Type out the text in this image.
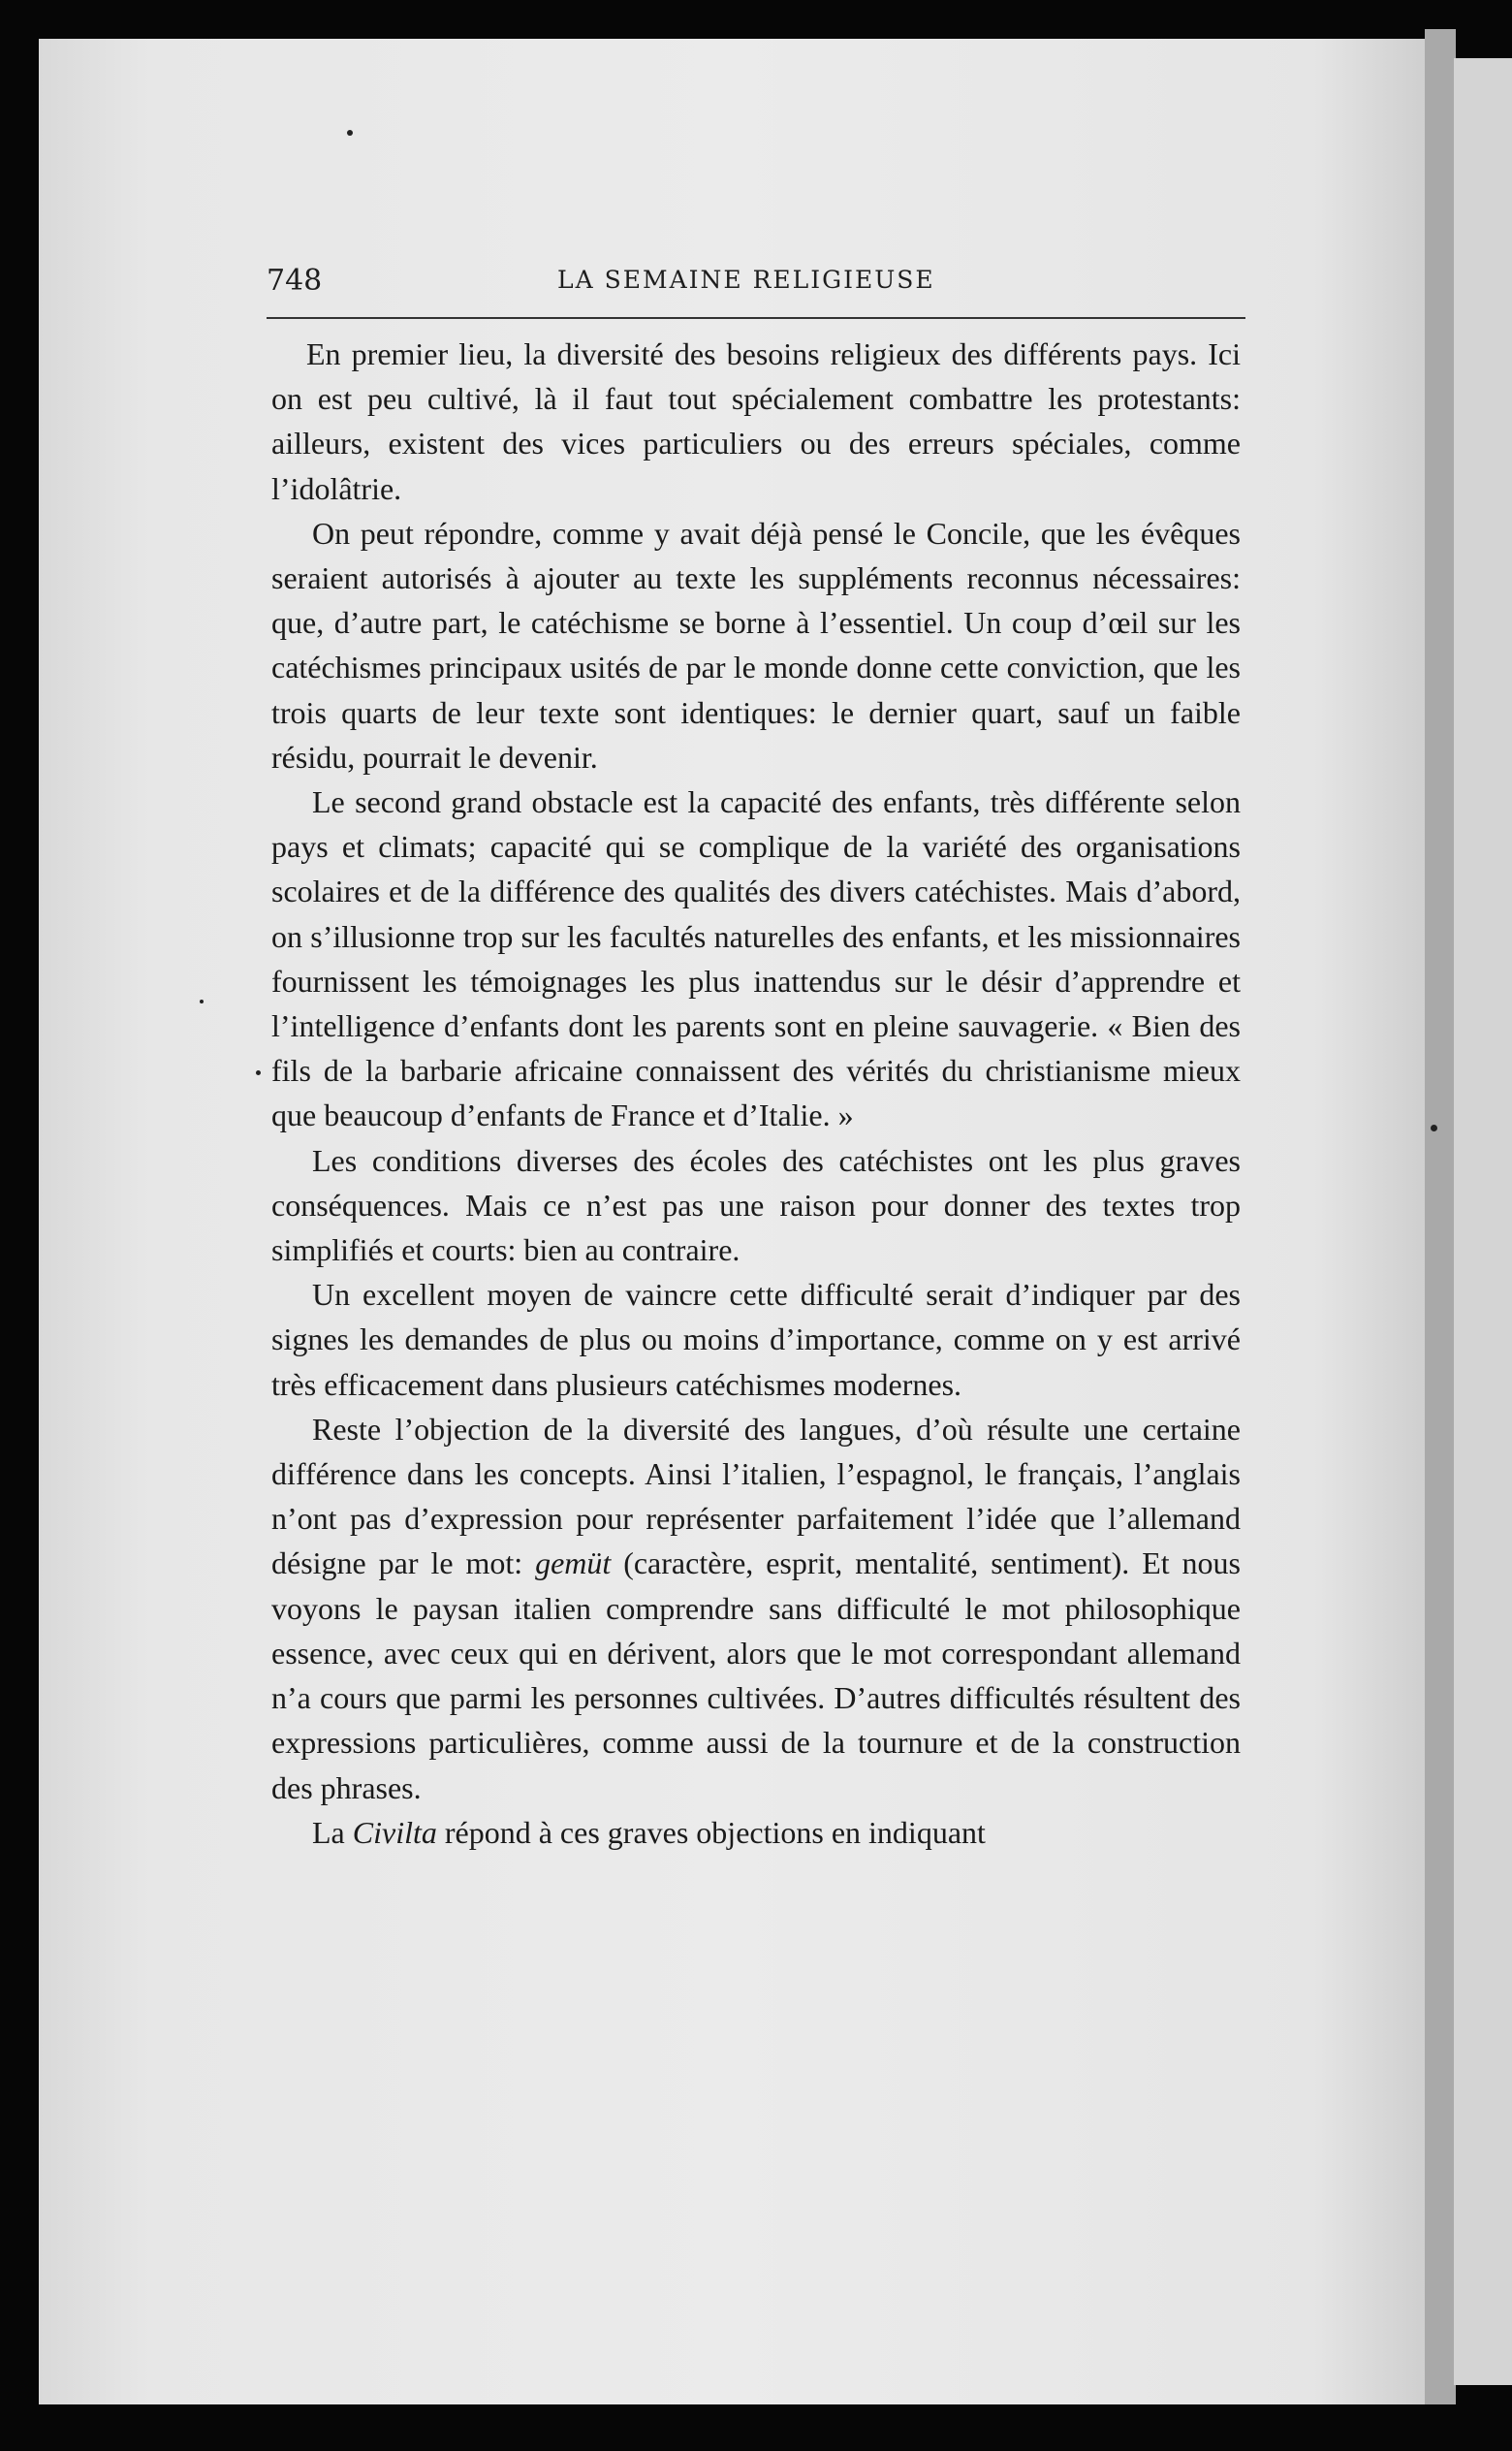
748	LA SEMAINE RELIGIEUSE

En premier lieu, la diversité des besoins religieux des différents pays. Ici on est peu cultivé, là il faut tout spécialement combattre les protestants: ailleurs, existent des vices particuliers ou des erreurs spéciales, comme l’idolâtrie.

On peut répondre, comme y avait déjà pensé le Concile, que les évêques seraient autorisés à ajouter au texte les suppléments reconnus nécessaires: que, d’autre part, le catéchisme se borne à l’essentiel. Un coup d’œil sur les catéchismes principaux usités de par le monde donne cette conviction, que les trois quarts de leur texte sont identiques: le dernier quart, sauf un faible résidu, pourrait le devenir.

Le second grand obstacle est la capacité des enfants, très différente selon pays et climats; capacité qui se complique de la variété des organisations scolaires et de la différence des qualités des divers catéchistes. Mais d’abord, on s’illusionne trop sur les facultés naturelles des enfants, et les missionnaires fournissent les témoignages les plus inattendus sur le désir d’apprendre et l’intelligence d’enfants dont les parents sont en pleine sauvagerie. « Bien des fils de la barbarie africaine connaissent des vérités du christianisme mieux que beaucoup d’enfants de France et d’Italie. »

Les conditions diverses des écoles des catéchistes ont les plus graves conséquences. Mais ce n’est pas une raison pour donner des textes trop simplifiés et courts: bien au contraire.

Un excellent moyen de vaincre cette difficulté serait d’indiquer par des signes les demandes de plus ou moins d’importance, comme on y est arrivé très efficacement dans plusieurs catéchismes modernes.

Reste l’objection de la diversité des langues, d’où résulte une certaine différence dans les concepts. Ainsi l’italien, l’espagnol, le français, l’anglais n’ont pas d’expression pour représenter parfaitement l’idée que l’allemand désigne par le mot: gemüt (caractère, esprit, mentalité, sentiment). Et nous voyons le paysan italien comprendre sans difficulté le mot philosophique essence, avec ceux qui en dérivent, alors que le mot correspondant allemand n’a cours que parmi les personnes cultivées. D’autres difficultés résultent des expressions particulières, comme aussi de la tournure et de la construction des phrases.

La Civilta répond à ces graves objections en indiquant
